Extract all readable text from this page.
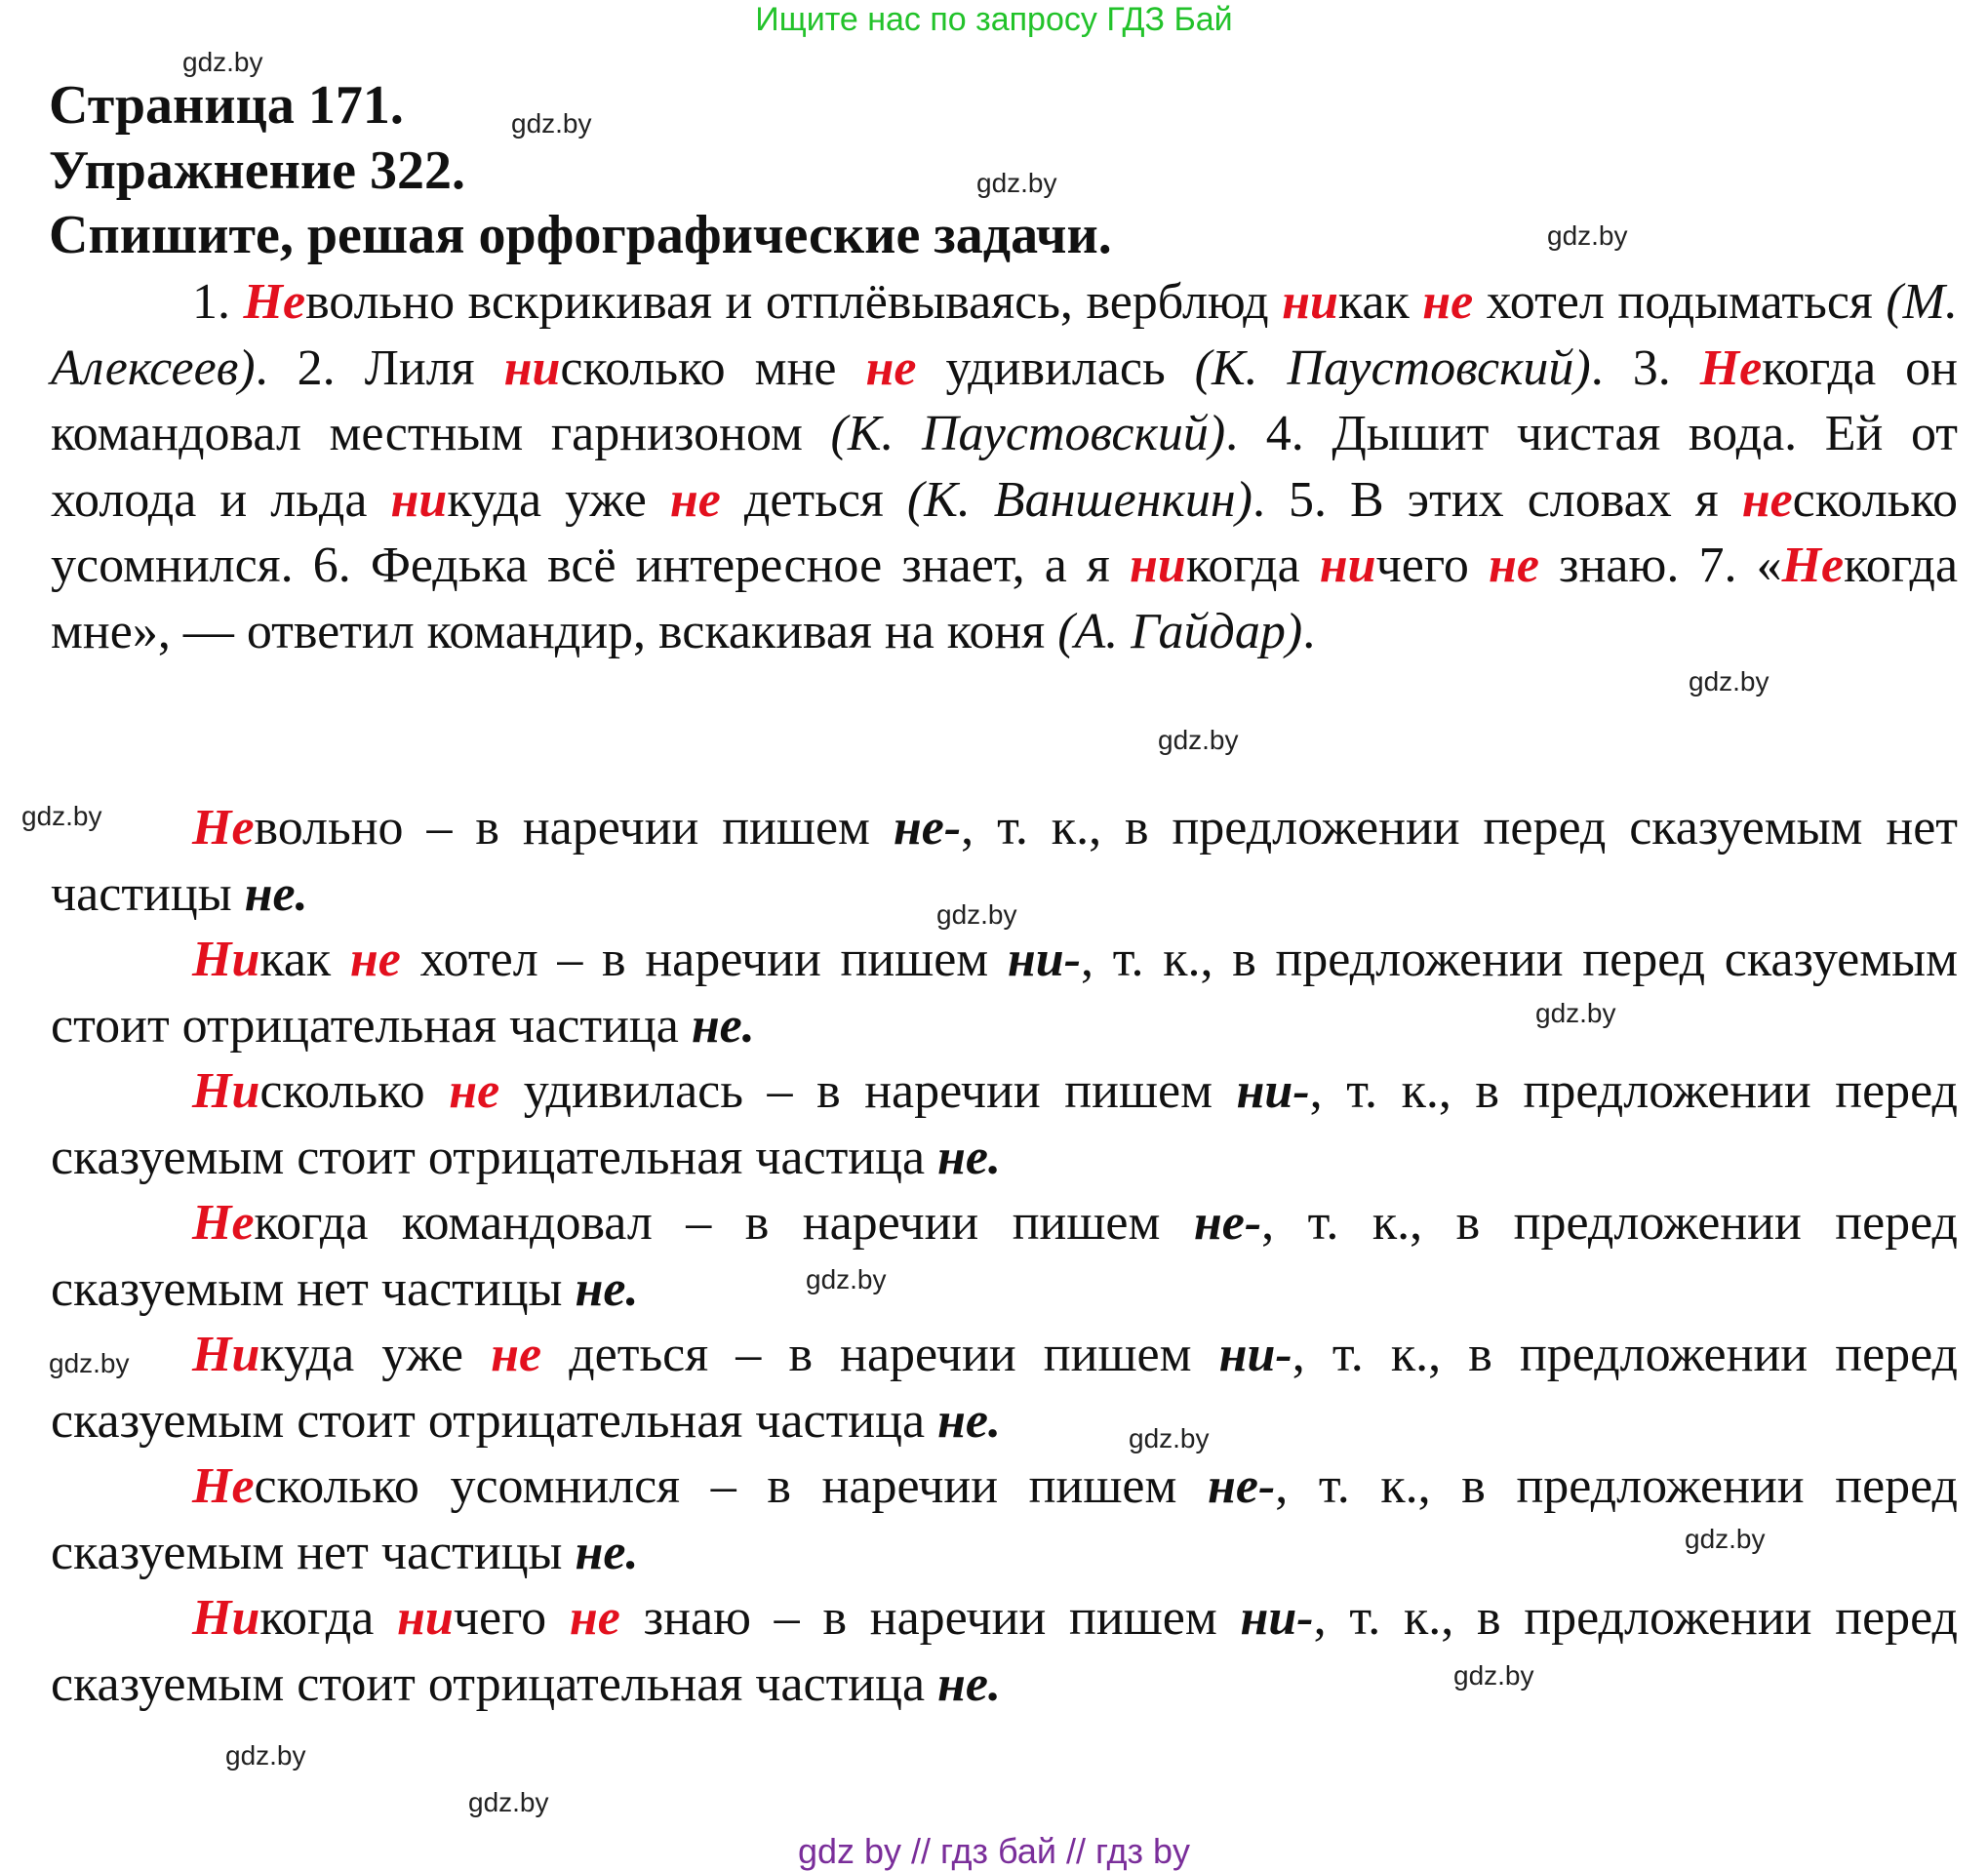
Ищите нас по запросу ГДЗ Бай
gdz.by
gdz.by
gdz.by
gdz.by
gdz.by
gdz.by
gdz.by
gdz.by
gdz.by
gdz.by
gdz.by
gdz.by
gdz.by
gdz.by
gdz.by
gdz.by
Страница 171.
Упражнение 322.
Спишите, решая орфографические задачи.

1. Невольно вскрикивая и отплёвываясь, верблюд никак не хотел подыматься (М. Алексеев). 2. Лиля нисколько мне не удивилась (К. Паустовский). 3. Некогда он командовал местным гарнизоном (К. Паустовский). 4. Дышит чистая вода. Ей от холода и льда никуда уже не деться (К. Ваншенкин). 5. В этих словах я несколько усомнился. 6. Федька всё интересное знает, а я никогда ничего не знаю. 7. «Некогда мне», — ответил командир, вскакивая на коня (А. Гайдар).

Невольно – в наречии пишем не-, т. к., в предложении перед сказуемым нет частицы не.

Никак не хотел – в наречии пишем ни-, т. к., в предложении перед сказуемым стоит отрицательная частица не.

Нисколько не удивилась – в наречии пишем ни-, т. к., в предложении перед сказуемым стоит отрицательная частица не.

Некогда командовал – в наречии пишем не-, т. к., в предложении перед сказуемым нет частицы не.

Никуда уже не деться – в наречии пишем ни-, т. к., в предложении перед сказуемым стоит отрицательная частица не.

Несколько усомнился – в наречии пишем не-, т. к., в предложении перед сказуемым нет частицы не.

Никогда ничего не знаю – в наречии пишем ни-, т. к., в предложении перед сказуемым стоит отрицательная частица не.

gdz by // гдз бай // гдз by
